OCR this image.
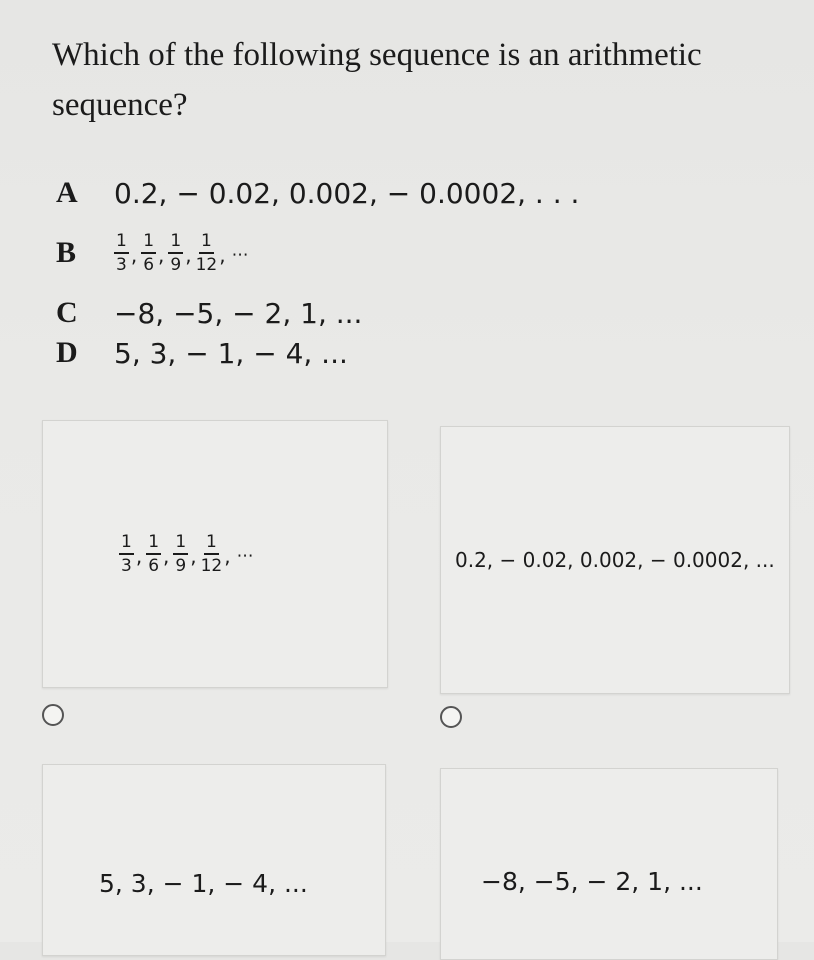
Which of the following sequence is an arithmetic sequence?
A	0.2, − 0.02, 0.002, − 0.0002, . . .
B	$\frac{1}{3}$ , $\frac{1}{6}$ , $\frac{1}{9}$ , $\frac{1}{12}$ , ⋯
C	−8, −5, − 2, 1, ...
D	5, 3, − 1, − 4, ...
$\frac{1}{3}$ , $\frac{1}{6}$ , $\frac{1}{9}$ , $\frac{1}{12}$ , ⋯	0.2, − 0.02, 0.002, − 0.0002, ...
5, 3, − 1, − 4, ...	−8, −5, − 2, 1, ...
